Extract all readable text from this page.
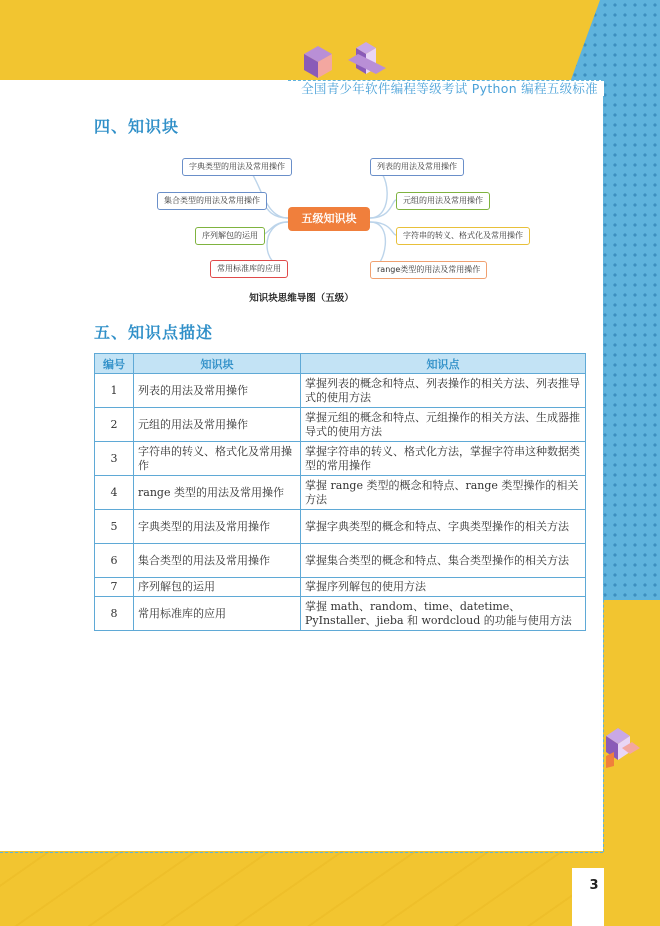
全国青少年软件编程等级考试 Python 编程五级标准
四、知识块
字典类型的用法及常用操作
集合类型的用法及常用操作
序列解包的运用
常用标准库的应用
五级知识块
列表的用法及常用操作
元组的用法及常用操作
字符串的转义、格式化及常用操作
range类型的用法及常用操作
知识块思维导图（五级）
五、知识点描述
编号	知识块	知识点
1	列表的用法及常用操作	掌握列表的概念和特点、列表操作的相关方法、列表推导式的使用方法
2	元组的用法及常用操作	掌握元组的概念和特点、元组操作的相关方法、生成器推导式的使用方法
3	字符串的转义、格式化及常用操作	掌握字符串的转义、格式化方法，掌握字符串这种数据类型的常用操作
4	range 类型的用法及常用操作	掌握 range 类型的概念和特点、range 类型操作的相关方法
5	字典类型的用法及常用操作	掌握字典类型的概念和特点、字典类型操作的相关方法
6	集合类型的用法及常用操作	掌握集合类型的概念和特点、集合类型操作的相关方法
7	序列解包的运用	掌握序列解包的使用方法
8	常用标准库的应用	掌握 math、random、time、datetime、PyInstaller、jieba 和 wordcloud 的功能与使用方法
3
